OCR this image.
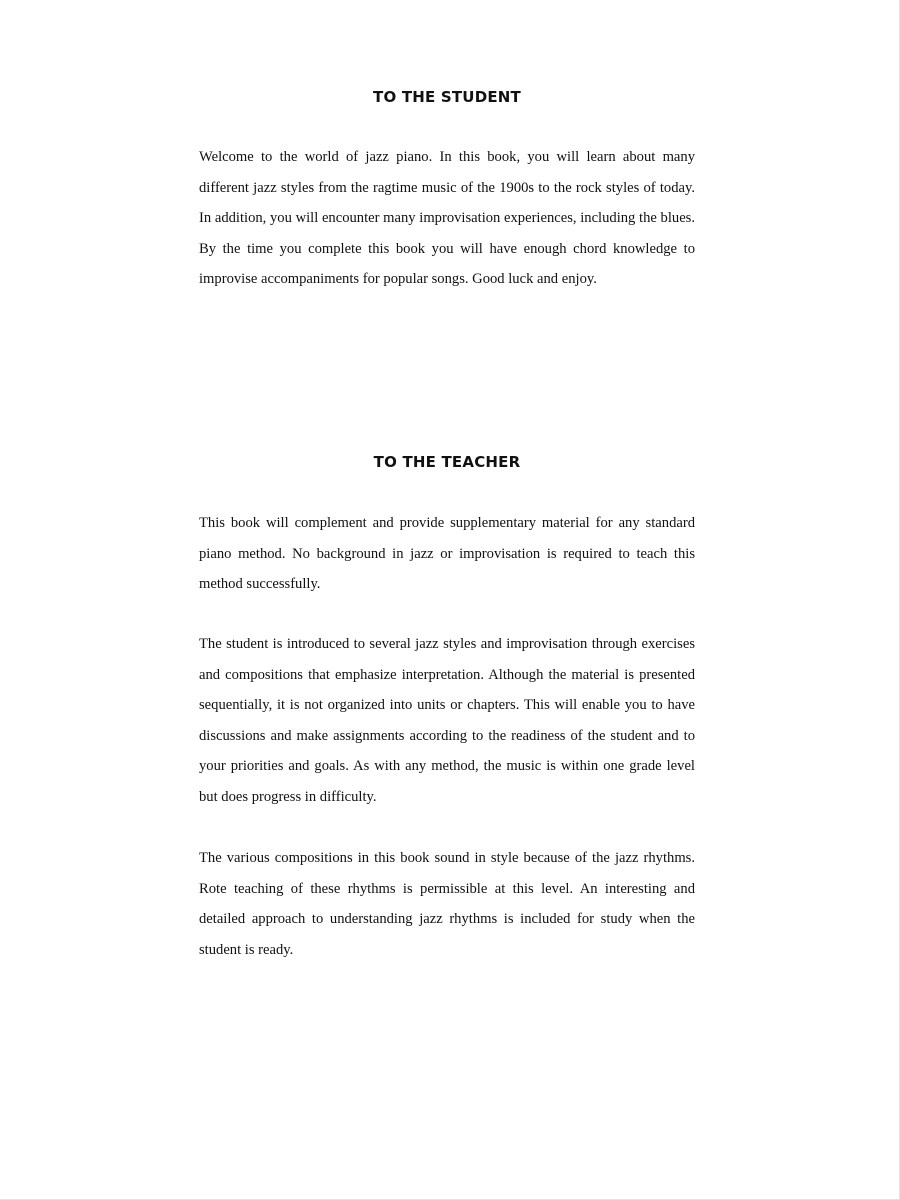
TO THE STUDENT

Welcome to the world of jazz piano. In this book, you will learn about many different jazz styles from the ragtime music of the 1900s to the rock styles of today. In addition, you will encounter many improvisation experiences, including the blues. By the time you complete this book you will have enough chord knowledge to improvise accompaniments for popular songs. Good luck and enjoy.

TO THE TEACHER

This book will complement and provide supplementary material for any standard piano method. No background in jazz or improvisation is required to teach this method successfully.

The student is introduced to several jazz styles and improvisation through exercises and compositions that emphasize interpretation. Although the material is presented sequentially, it is not organized into units or chapters. This will enable you to have discussions and make assignments according to the readiness of the student and to your priorities and goals. As with any method, the music is within one grade level but does progress in difficulty.

The various compositions in this book sound in style because of the jazz rhythms. Rote teaching of these rhythms is permissible at this level. An interesting and detailed approach to understanding jazz rhythms is included for study when the student is ready.
